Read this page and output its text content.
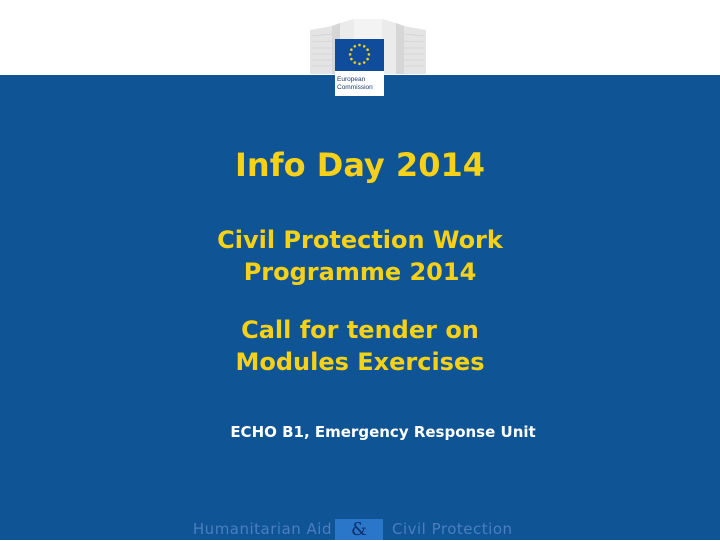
European
Commission
Info Day 2014
Civil Protection Work
Programme 2014
Call for tender on
Modules Exercises

ECHO B1, Emergency Response Unit

Humanitarian Aid	&	Civil Protection
